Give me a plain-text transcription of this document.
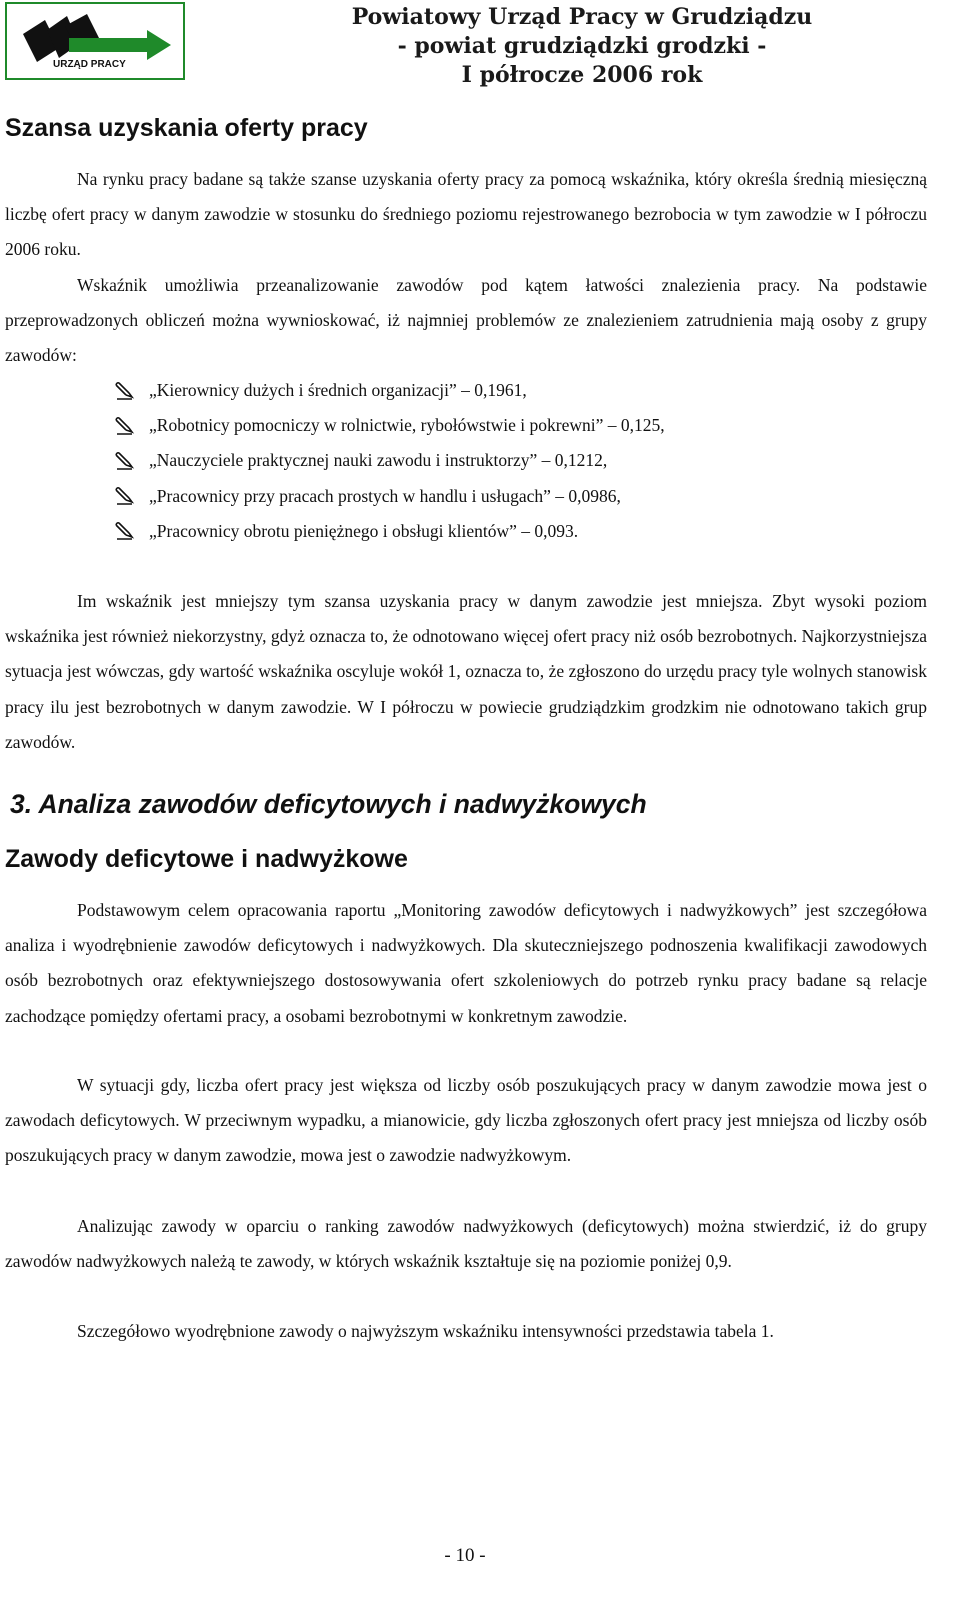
URZĄD PRACY
Powiatowy Urząd Pracy w Grudziądzu
- powiat grudziądzki grodzki -
I półrocze 2006 rok
Szansa uzyskania oferty pracy

Na rynku pracy badane są także szanse uzyskania oferty pracy za pomocą wskaźnika, który określa średnią miesięczną liczbę ofert pracy w danym zawodzie w stosunku do średniego poziomu rejestrowanego bezrobocia w tym zawodzie w I półroczu 2006 roku.

Wskaźnik umożliwia przeanalizowanie zawodów pod kątem łatwości znalezienia pracy. Na podstawie przeprowadzonych obliczeń można wywnioskować, iż najmniej problemów ze znalezieniem zatrudnienia mają osoby z grupy zawodów:

„Kierownicy dużych i średnich organizacji” – 0,1961,
„Robotnicy pomocniczy w rolnictwie, rybołówstwie i pokrewni” – 0,125,
„Nauczyciele praktycznej nauki zawodu i instruktorzy” – 0,1212,
„Pracownicy przy pracach prostych w handlu i usługach” – 0,0986,
„Pracownicy obrotu pieniężnego i obsługi klientów” – 0,093.

Im wskaźnik jest mniejszy tym szansa uzyskania pracy w danym zawodzie jest mniejsza. Zbyt wysoki poziom wskaźnika jest również niekorzystny, gdyż oznacza to, że odnotowano więcej ofert pracy niż osób bezrobotnych. Najkorzystniejsza sytuacja jest wówczas, gdy wartość wskaźnika oscyluje wokół 1, oznacza to, że zgłoszono do urzędu pracy tyle wolnych stanowisk pracy ilu jest bezrobotnych w danym zawodzie. W I półroczu w powiecie grudziądzkim grodzkim nie odnotowano takich grup zawodów.

3. Analiza zawodów deficytowych i nadwyżkowych
Zawody deficytowe i nadwyżkowe

Podstawowym celem opracowania raportu „Monitoring zawodów deficytowych i nadwyżkowych” jest szczegółowa analiza i wyodrębnienie zawodów deficytowych i nadwyżkowych. Dla skuteczniejszego podnoszenia kwalifikacji zawodowych osób bezrobotnych oraz efektywniejszego dostosowywania ofert szkoleniowych do potrzeb rynku pracy badane są relacje zachodzące pomiędzy ofertami pracy, a osobami bezrobotnymi w konkretnym zawodzie.

W sytuacji gdy, liczba ofert pracy jest większa od liczby osób poszukujących pracy w danym zawodzie mowa jest o zawodach deficytowych. W przeciwnym wypadku, a mianowicie, gdy liczba zgłoszonych ofert pracy jest mniejsza od liczby osób poszukujących pracy w danym zawodzie, mowa jest o zawodzie nadwyżkowym.

Analizując zawody w oparciu o ranking zawodów nadwyżkowych (deficytowych) można stwierdzić, iż do grupy zawodów nadwyżkowych należą te zawody, w których wskaźnik kształtuje się na poziomie poniżej 0,9.

Szczegółowo wyodrębnione zawody o najwyższym wskaźniku intensywności przedstawia tabela 1.

- 10 -
